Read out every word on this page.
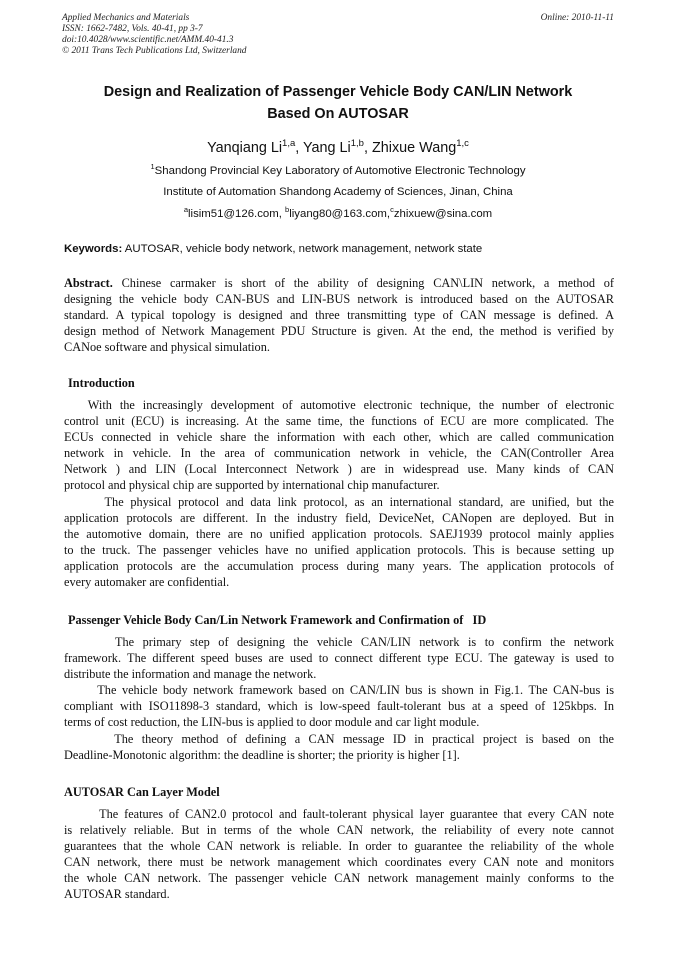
Applied Mechanics and Materials
ISSN: 1662-7482, Vols. 40-41, pp 3-7
doi:10.4028/www.scientific.net/AMM.40-41.3
© 2011 Trans Tech Publications Ltd, Switzerland
Online: 2010-11-11
Design and Realization of Passenger Vehicle Body CAN/LIN Network
Based On AUTOSAR
Yanqiang Li$^{1,a}$, Yang Li$^{1,b}$, Zhixue Wang$^{1,c}$
$^1$Shandong Provincial Key Laboratory of Automotive Electronic Technology
Institute of Automation Shandong Academy of Sciences, Jinan, China
$^a$lisim51@126.com, $^b$liyang80@163.com,$^c$zhixuew@sina.com
Keywords: AUTOSAR, vehicle body network, network management, network state
Abstract. Chinese carmaker is short of the ability of designing CAN\LIN network, a method of
designing the vehicle body CAN-BUS and LIN-BUS network is introduced based on the AUTOSAR
standard. A typical topology is designed and three transmitting type of CAN message is defined. A
design method of Network Management PDU Structure is given. At the end, the method is verified by
CANoe software and physical simulation.
Introduction
With the increasingly development of automotive electronic technique, the number of electronic
control unit (ECU) is increasing. At the same time, the functions of ECU are more complicated. The
ECUs connected in vehicle share the information with each other, which are called communication
network in vehicle. In the area of communication network in vehicle, the CAN(Controller Area
Network ) and LIN (Local Interconnect Network ) are in widespread use. Many kinds of CAN
protocol and physical chip are supported by international chip manufacturer.
The physical protocol and data link protocol, as an international standard, are unified, but the
application protocols are different. In the industry field, DeviceNet, CANopen are deployed. But in
the automotive domain, there are no unified application protocols. SAEJ1939 protocol mainly applies
to the truck. The passenger vehicles have no unified application protocols. This is because setting up
application protocols are the accumulation process during many years. The application protocols of
every automaker are confidential.
Passenger Vehicle Body Can/Lin Network Framework and Confirmation of   ID
The primary step of designing the vehicle CAN/LIN network is to confirm the network
framework. The different speed buses are used to connect different type ECU. The gateway is used to
distribute the information and manage the network.
The vehicle body network framework based on CAN/LIN bus is shown in Fig.1. The CAN-bus is
compliant with ISO11898-3 standard, which is low-speed fault-tolerant bus at a speed of 125kbps. In
terms of cost reduction, the LIN-bus is applied to door module and car light module.
The theory method of defining a CAN message ID in practical project is based on the
Deadline-Monotonic algorithm: the deadline is shorter; the priority is higher [1].
AUTOSAR Can Layer Model
The features of CAN2.0 protocol and fault-tolerant physical layer guarantee that every CAN note
is relatively reliable. But in terms of the whole CAN network, the reliability of every note cannot
guarantees that the whole CAN network is reliable. In order to guarantee the reliability of the whole
CAN network, there must be network management which coordinates every CAN note and monitors
the whole CAN network. The passenger vehicle CAN network management mainly conforms to the
AUTOSAR standard.
